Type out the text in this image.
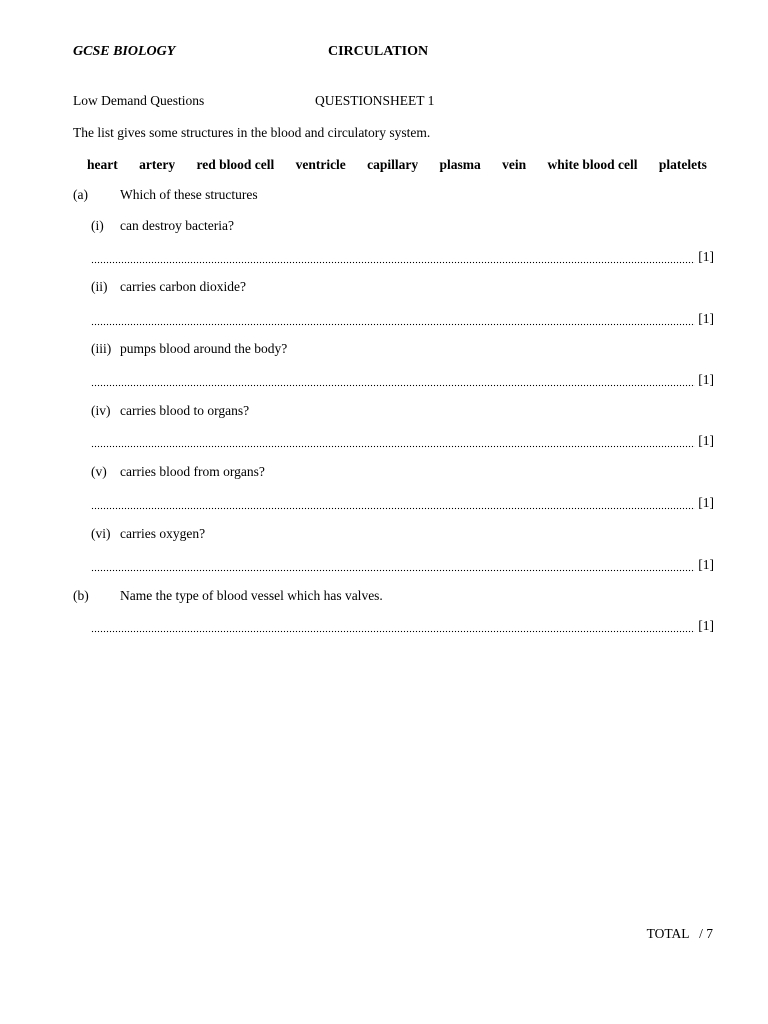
GCSE BIOLOGY	CIRCULATION
Low Demand Questions	QUESTIONSHEET 1
The list gives some structures in the blood and circulatory system.
heart artery red blood cell ventricle capillary plasma vein white blood cell platelets
(a) Which of these structures
(i) can destroy bacteria?
[1]
(ii) carries carbon dioxide?
[1]
(iii) pumps blood around the body?
[1]
(iv) carries blood to organs?
[1]
(v) carries blood from organs?
[1]
(vi) carries oxygen?
[1]
(b) Name the type of blood vessel which has valves.
[1]
TOTAL   / 7
